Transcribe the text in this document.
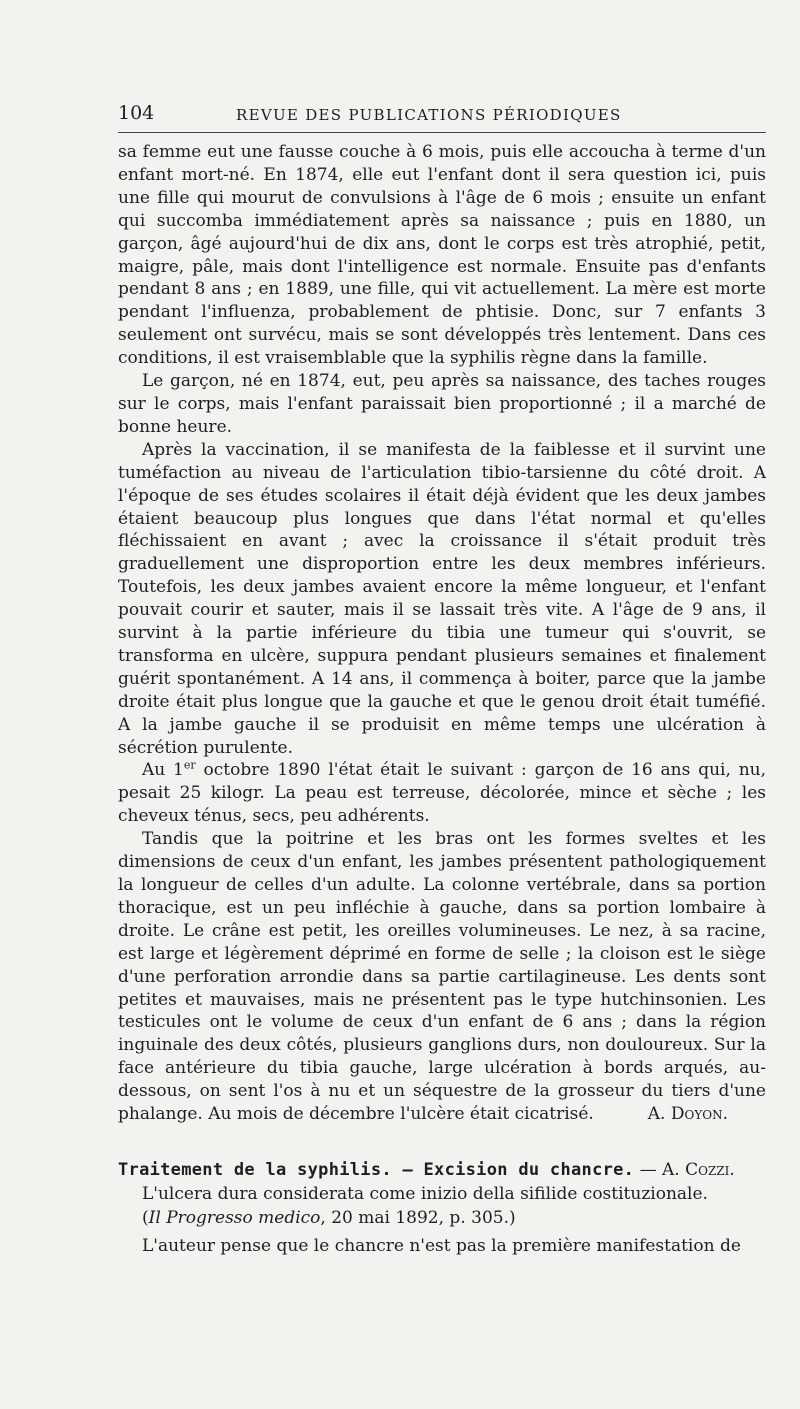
104	REVUE DES PUBLICATIONS PÉRIODIQUES

sa femme eut une fausse couche à 6 mois, puis elle accoucha à terme d'un enfant mort-né. En 1874, elle eut l'enfant dont il sera question ici, puis une fille qui mourut de convulsions à l'âge de 6 mois ; ensuite un enfant qui succomba immédiatement après sa naissance ; puis en 1880, un garçon, âgé aujourd'hui de dix ans, dont le corps est très atrophié, petit, maigre, pâle, mais dont l'intelligence est normale. Ensuite pas d'enfants pendant 8 ans ; en 1889, une fille, qui vit actuellement. La mère est morte pendant l'influenza, probablement de phtisie. Donc, sur 7 enfants 3 seulement ont survécu, mais se sont développés très lentement. Dans ces conditions, il est vraisemblable que la syphilis règne dans la famille.

Le garçon, né en 1874, eut, peu après sa naissance, des taches rouges sur le corps, mais l'enfant paraissait bien proportionné ; il a marché de bonne heure.

Après la vaccination, il se manifesta de la faiblesse et il survint une tuméfaction au niveau de l'articulation tibio-tarsienne du côté droit. A l'époque de ses études scolaires il était déjà évident que les deux jambes étaient beaucoup plus longues que dans l'état normal et qu'elles fléchissaient en avant ; avec la croissance il s'était produit très graduellement une disproportion entre les deux membres inférieurs. Toutefois, les deux jambes avaient encore la même longueur, et l'enfant pouvait courir et sauter, mais il se lassait très vite. A l'âge de 9 ans, il survint à la partie inférieure du tibia une tumeur qui s'ouvrit, se transforma en ulcère, suppura pendant plusieurs semaines et finalement guérit spontanément. A 14 ans, il commença à boiter, parce que la jambe droite était plus longue que la gauche et que le genou droit était tuméfié. A la jambe gauche il se produisit en même temps une ulcération à sécrétion purulente.

Au 1er octobre 1890 l'état était le suivant : garçon de 16 ans qui, nu, pesait 25 kilogr. La peau est terreuse, décolorée, mince et sèche ; les cheveux ténus, secs, peu adhérents.

Tandis que la poitrine et les bras ont les formes sveltes et les dimensions de ceux d'un enfant, les jambes présentent pathologiquement la longueur de celles d'un adulte. La colonne vertébrale, dans sa portion thoracique, est un peu infléchie à gauche, dans sa portion lombaire à droite. Le crâne est petit, les oreilles volumineuses. Le nez, à sa racine, est large et légèrement déprimé en forme de selle ; la cloison est le siège d'une perforation arrondie dans sa partie cartilagineuse. Les dents sont petites et mauvaises, mais ne présentent pas le type hutchinsonien. Les testicules ont le volume de ceux d'un enfant de 6 ans ; dans la région inguinale des deux côtés, plusieurs ganglions durs, non douloureux. Sur la face antérieure du tibia gauche, large ulcération à bords arqués, au-dessous, on sent l'os à nu et un séquestre de la grosseur du tiers d'une phalange. Au mois de décembre l'ulcère était cicatrisé.	A. Doyon.

Traitement de la syphilis. — Excision du chancre. — A. Cozzi.

L'ulcera dura considerata come inizio della sifilide costituzionale.

(Il Progresso medico, 20 mai 1892, p. 305.)

L'auteur pense que le chancre n'est pas la première manifestation de
